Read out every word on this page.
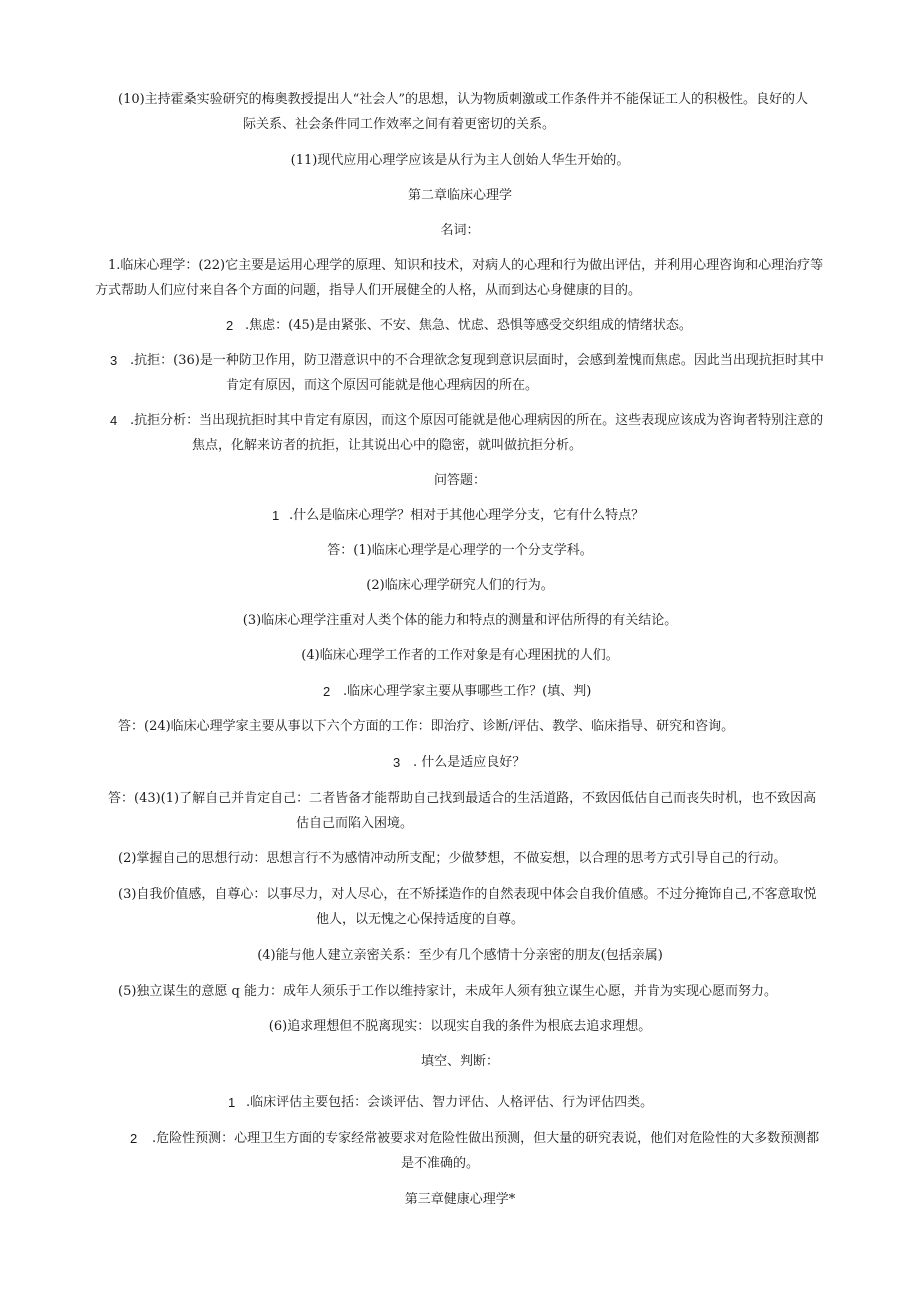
(10)主持霍桑实验研究的梅奥教授提出人“社会人”的思想，认为物质刺激或工作条件并不能保证工人的积极性。良好的人
际关系、社会条件同工作效率之间有着更密切的关系。
(11)现代应用心理学应该是从行为主人创始人华生开始的。
第二章临床心理学
名词：
1.临床心理学：(22)它主要是运用心理学的原理、知识和技术，对病人的心理和行为做出评估，并利用心理咨询和心理治疗等
方式帮助人们应付来自各个方面的问题，指导人们开展健全的人格，从而到达心身健康的目的。
2 .焦虑：(45)是由紧张、不安、焦急、忧虑、恐惧等感受交织组成的情绪状态。
3 .抗拒：(36)是一种防卫作用，防卫潜意识中的不合理欲念复现到意识层面时，会感到羞愧而焦虑。因此当出现抗拒时其中
肯定有原因，而这个原因可能就是他心理病因的所在。
4 .抗拒分析：当出现抗拒时其中肯定有原因，而这个原因可能就是他心理病因的所在。这些表现应该成为咨询者特别注意的
焦点，化解来访者的抗拒，让其说出心中的隐密，就叫做抗拒分析。
问答题：
1 .什么是临床心理学？相对于其他心理学分支，它有什么特点？
答：(1)临床心理学是心理学的一个分支学科。
(2)临床心理学研究人们的行为。
(3)临床心理学注重对人类个体的能力和特点的测量和评估所得的有关结论。
(4)临床心理学工作者的工作对象是有心理困扰的人们。
2 .临床心理学家主要从事哪些工作？(填、判)
答：(24)临床心理学家主要从事以下六个方面的工作：即治疗、诊断/评估、教学、临床指导、研究和咨询。
3 . 什么是适应良好？
答：(43)(1)了解自己并肯定自己：二者皆备才能帮助自己找到最适合的生活道路，不致因低估自己而丧失时机，也不致因高
估自己而陷入困境。
(2)掌握自己的思想行动：思想言行不为感情冲动所支配；少做梦想，不做妄想，以合理的思考方式引导自己的行动。
(3)自我价值感，自尊心：以事尽力，对人尽心，在不矫揉造作的自然表现中体会自我价值感。不过分掩饰自己,不客意取悦
他人，以无愧之心保持适度的自尊。
(4)能与他人建立亲密关系：至少有几个感情十分亲密的朋友(包括亲属)
(5)独立谋生的意愿 q 能力：成年人须乐于工作以维持家计，未成年人须有独立谋生心愿，并肯为实现心愿而努力。
(6)追求理想但不脱离现实：以现实自我的条件为根底去追求理想。
填空、判断：
1 .临床评估主要包括：会谈评估、智力评估、人格评估、行为评估四类。
2 .危险性预测：心理卫生方面的专家经常被要求对危险性做出预测，但大量的研究表说，他们对危险性的大多数预测都
是不准确的。
第三章健康心理学*
